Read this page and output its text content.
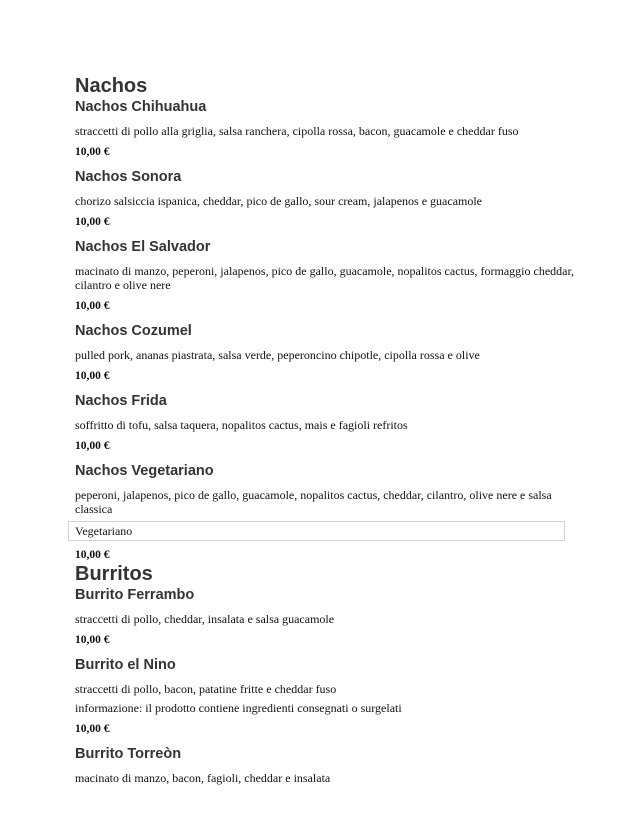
Nachos
Nachos Chihuahua

straccetti di pollo alla griglia, salsa ranchera, cipolla rossa, bacon, guacamole e cheddar fuso

10,00 €

Nachos Sonora

chorizo salsiccia ispanica, cheddar, pico de gallo, sour cream, jalapenos e guacamole

10,00 €

Nachos El Salvador

macinato di manzo, peperoni, jalapenos, pico de gallo, guacamole, nopalitos cactus, formaggio cheddar, cilantro e olive nere

10,00 €

Nachos Cozumel

pulled pork, ananas piastrata, salsa verde, peperoncino chipotle, cipolla rossa e olive

10,00 €

Nachos Frida

soffritto di tofu, salsa taquera, nopalitos cactus, mais e fagioli refritos

10,00 €

Nachos Vegetariano

peperoni, jalapenos, pico de gallo, guacamole, nopalitos cactus, cheddar, cilantro, olive nere e salsa classica

Vegetariano

10,00 €

Burritos
Burrito Ferrambo

straccetti di pollo, cheddar, insalata e salsa guacamole

10,00 €

Burrito el Nino

straccetti di pollo, bacon, patatine fritte e cheddar fuso

informazione: il prodotto contiene ingredienti consegnati o surgelati

10,00 €

Burrito Torreòn

macinato di manzo, bacon, fagioli, cheddar e insalata
